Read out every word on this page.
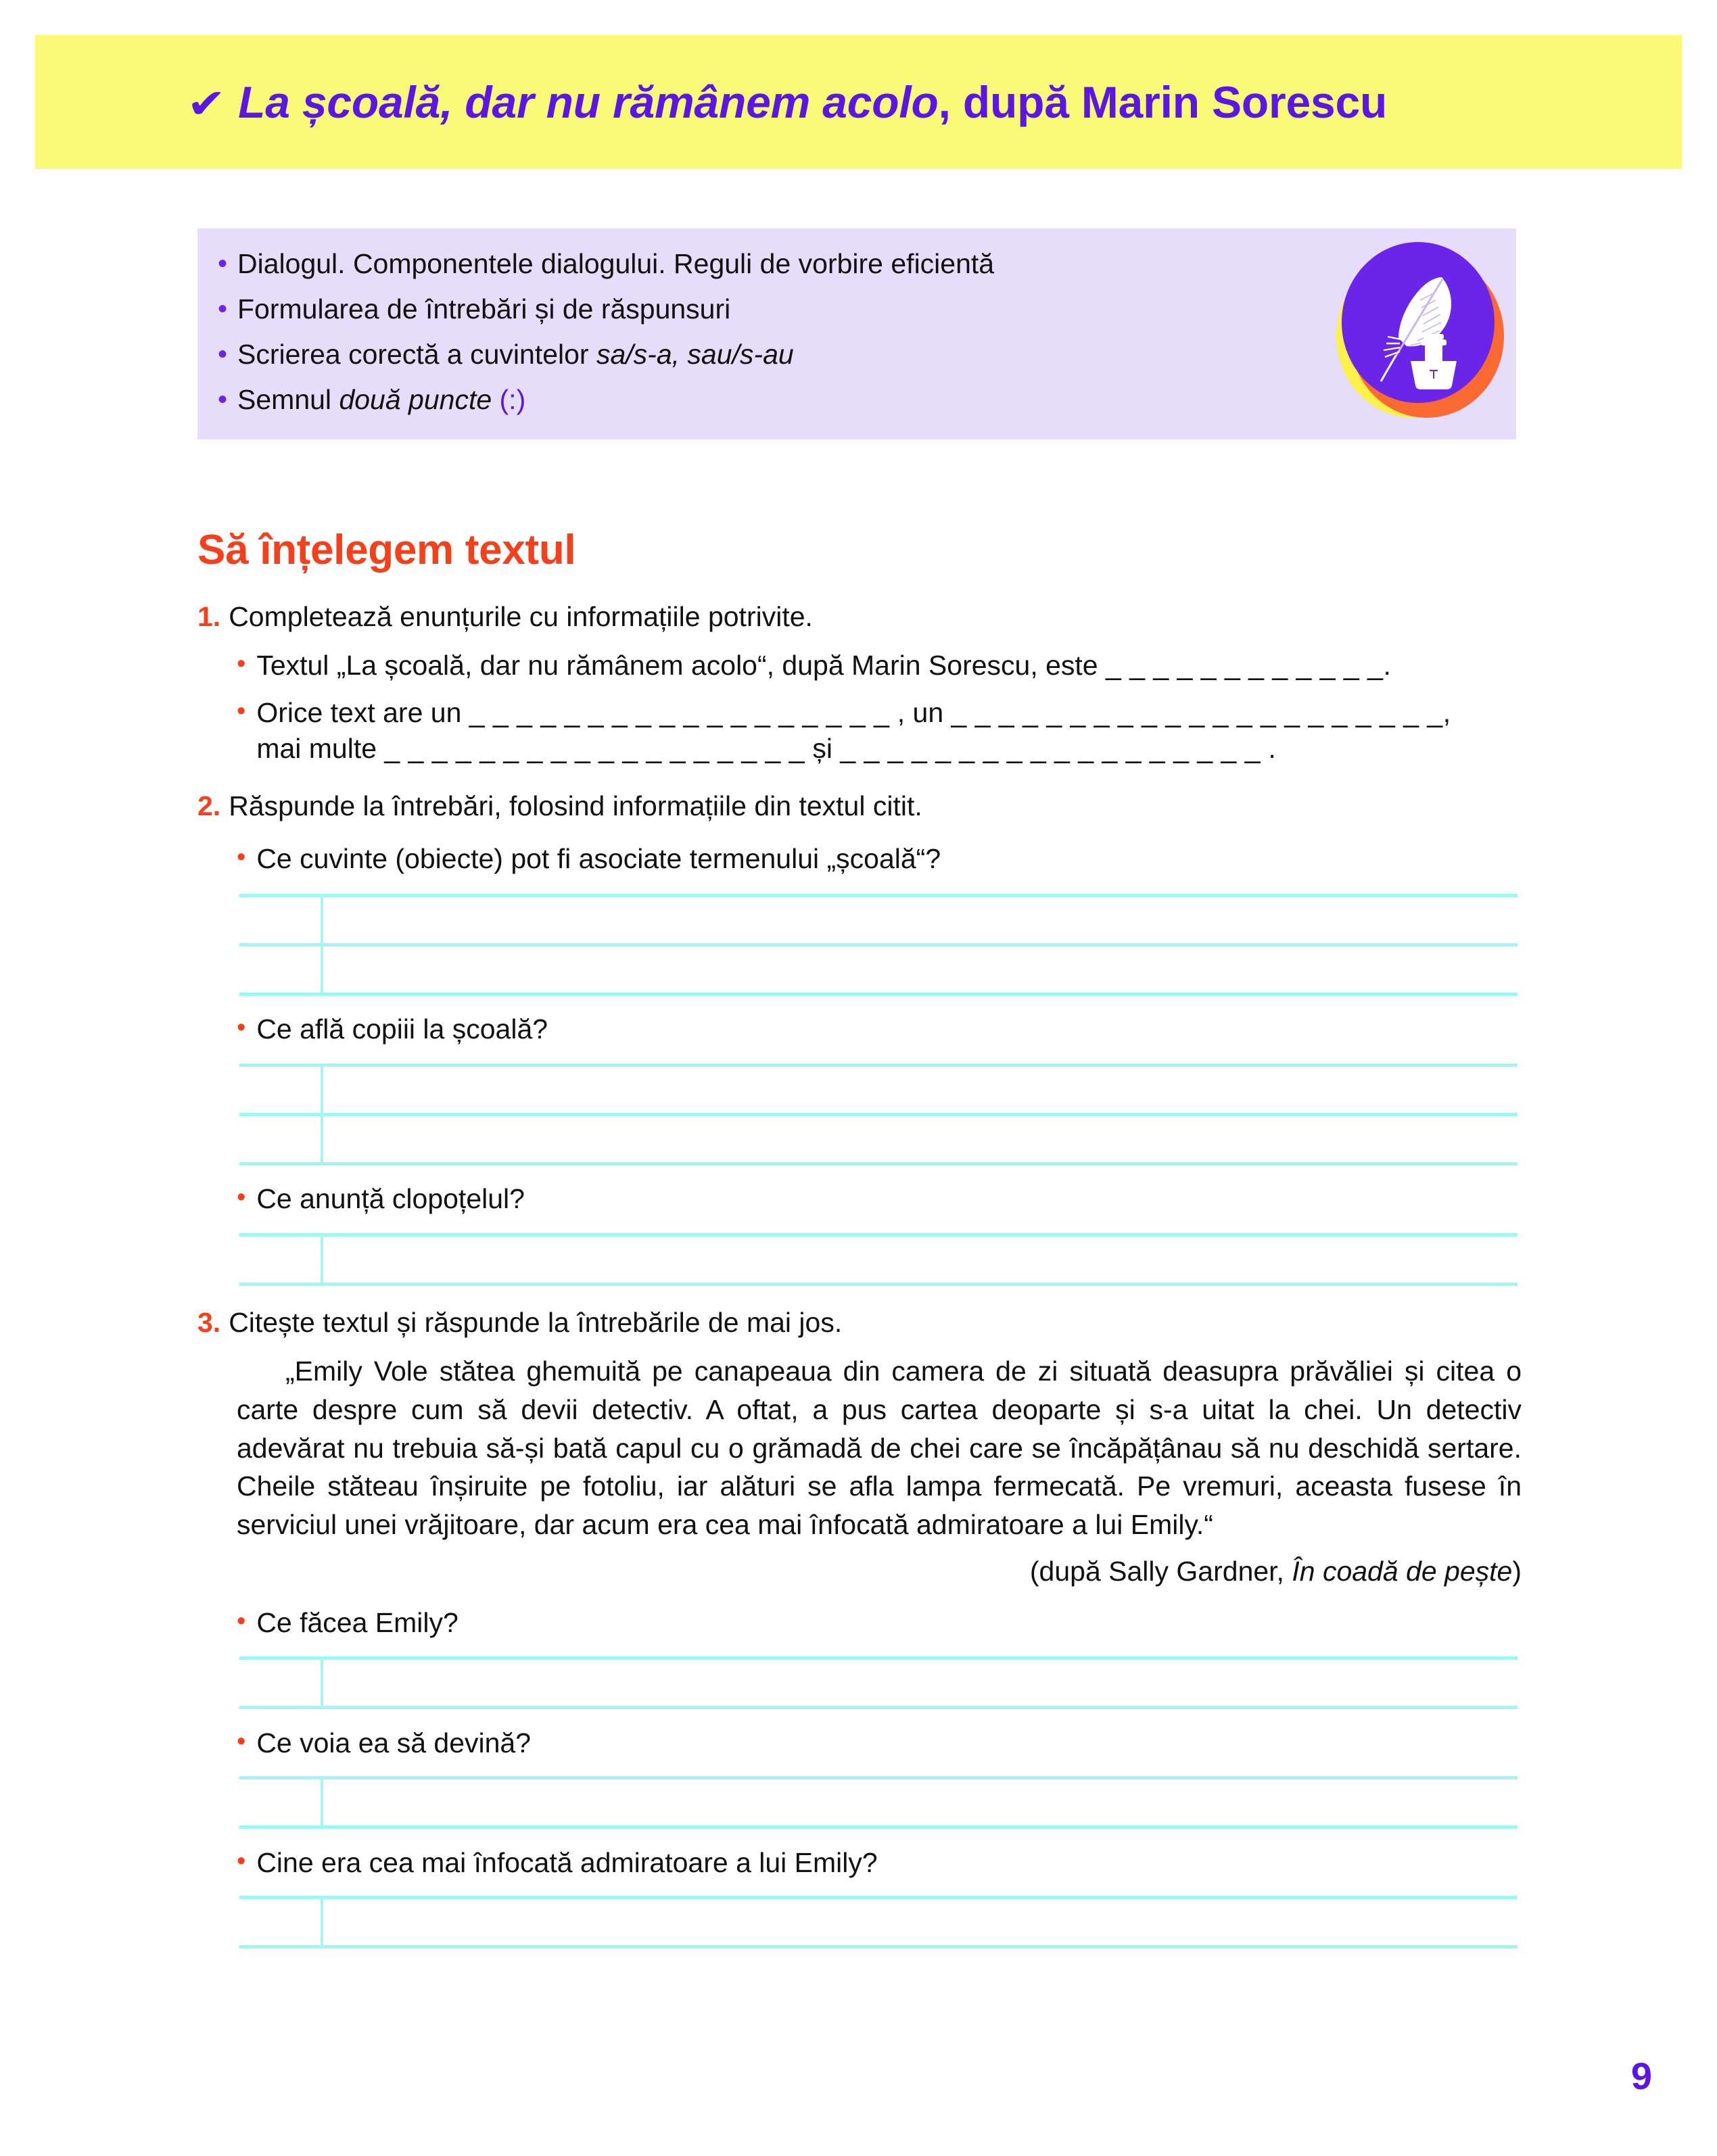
✔ La școală, dar nu rămânem acolo, după Marin Sorescu
• Dialogul. Componentele dialogului. Reguli de vorbire eficientă
• Formularea de întrebări și de răspunsuri
• Scrierea corectă a cuvintelor sa/s-a, sau/s-au
• Semnul două puncte (:)
Să înțelegem textul
1. Completează enunțurile cu informațiile potrivite.
• Textul „La școală, dar nu rămânem acolo“, după Marin Sorescu, este _ _ _ _ _ _ _ _ _ _ _ _.
• Orice text are un _ _ _ _ _ _ _ _ _ _ _ _ _ _ _ _ _ _ , un _ _ _ _ _ _ _ _ _ _ _ _ _ _ _ _ _ _ _ _ _,
mai multe _ _ _ _ _ _ _ _ _ _ _ _ _ _ _ _ _ _ și _ _ _ _ _ _ _ _ _ _ _ _ _ _ _ _ _ _ .
2. Răspunde la întrebări, folosind informațiile din textul citit.
• Ce cuvinte (obiecte) pot fi asociate termenului „școală“?
• Ce află copiii la școală?
• Ce anunță clopoțelul?
3. Citește textul și răspunde la întrebările de mai jos.
„Emily Vole stătea ghemuită pe canapeaua din camera de zi situată deasupra prăvăliei și citea o carte despre cum să devii detectiv. A oftat, a pus cartea deoparte și s-a uitat la chei. Un detectiv adevărat nu trebuia să-și bată capul cu o grămadă de chei care se încăpățânau să nu deschidă sertare. Cheile stăteau înșiruite pe fotoliu, iar alături se afla lampa fermecată. Pe vremuri, aceasta fusese în serviciul unei vrăjitoare, dar acum era cea mai înfocată admiratoare a lui Emily.“
(după Sally Gardner, În coadă de pește)
• Ce făcea Emily?
• Ce voia ea să devină?
• Cine era cea mai înfocată admiratoare a lui Emily?
9
